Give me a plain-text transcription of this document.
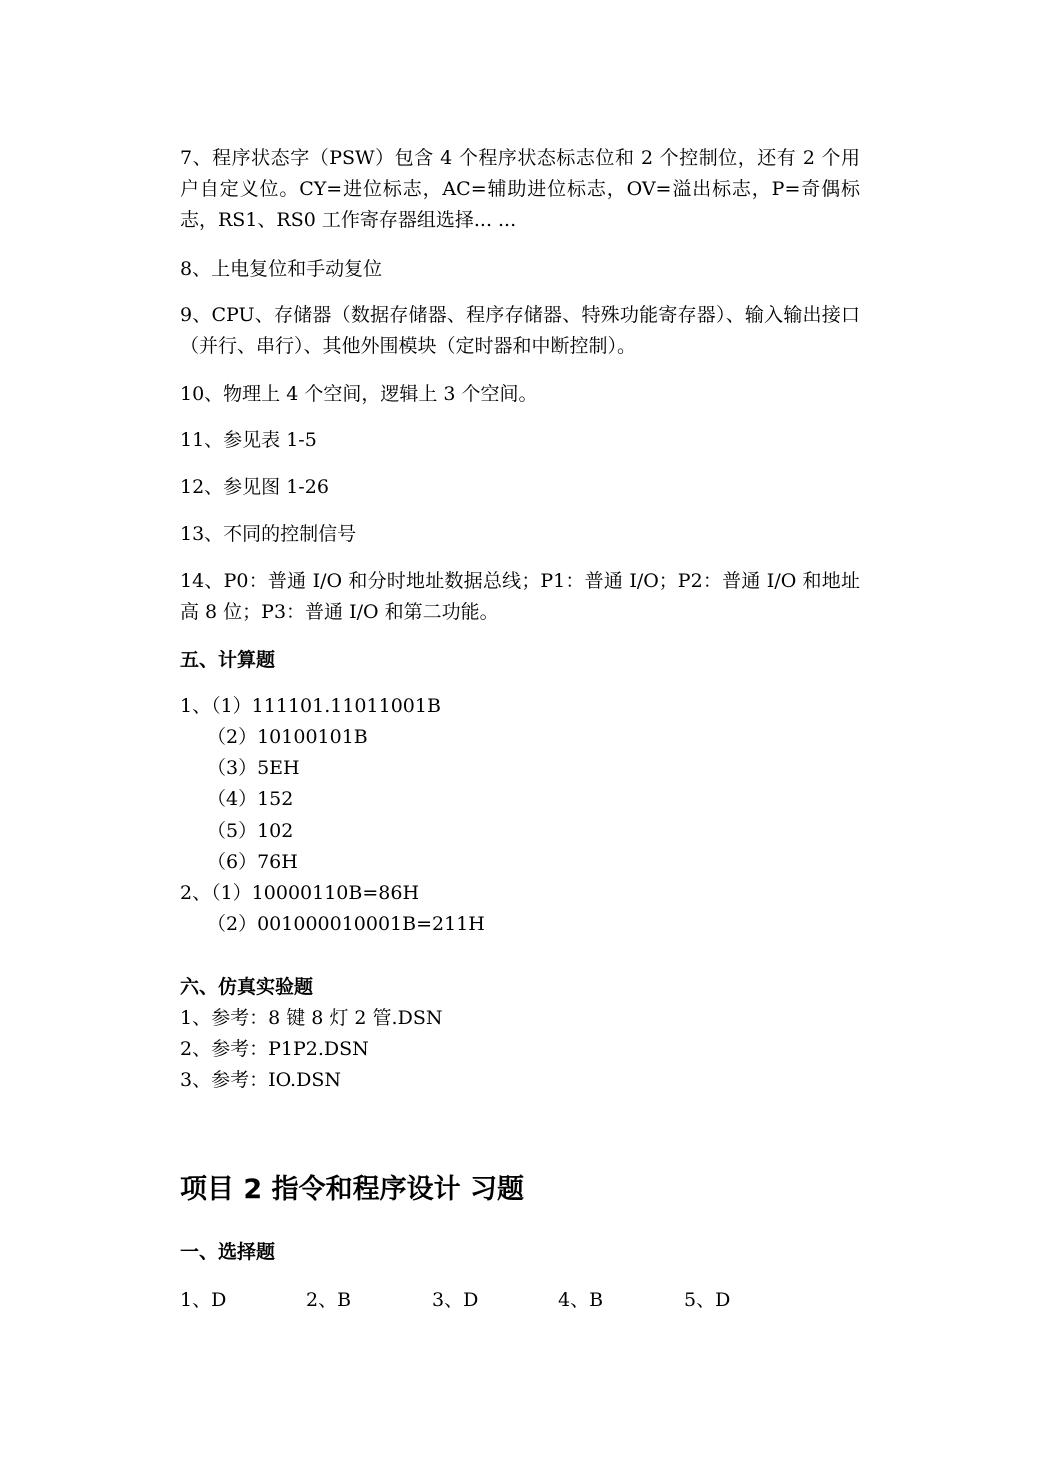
7、程序状态字（PSW）包含 4 个程序状态标志位和 2 个控制位，还有 2 个用户自定义位。CY=进位标志，AC=辅助进位标志，OV=溢出标志，P=奇偶标志，RS1、RS0 工作寄存器组选择... ...
8、上电复位和手动复位
9、CPU、存储器（数据存储器、程序存储器、特殊功能寄存器）、输入输出接口（并行、串行）、其他外围模块（定时器和中断控制）。
10、物理上 4 个空间，逻辑上 3 个空间。
11、参见表 1-5
12、参见图 1-26
13、不同的控制信号
14、P0：普通 I/O 和分时地址数据总线；P1：普通 I/O；P2：普通 I/O 和地址高 8 位；P3：普通 I/O 和第二功能。
五、计算题
1、（1）111101.11011001B
（2）10100101B
（3）5EH
（4）152
（5）102
（6）76H
2、（1）10000110B=86H
（2）001000010001B=211H
六、仿真实验题
1、参考：8 键 8 灯 2 管.DSN
2、参考：P1P2.DSN
3、参考：IO.DSN
项目 2 指令和程序设计 习题
一、选择题
1、D	2、B	3、D	4、B	5、D
